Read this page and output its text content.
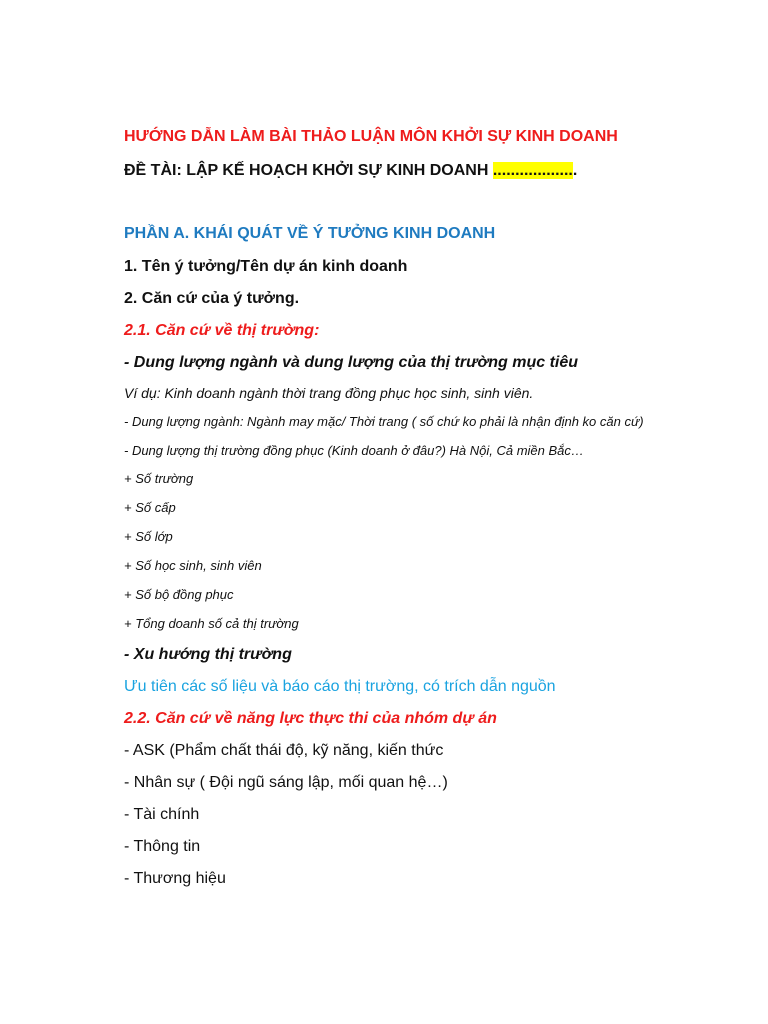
HƯỚNG DẪN LÀM BÀI THẢO LUẬN MÔN KHỞI SỰ KINH DOANH
ĐỀ TÀI: LẬP KẾ HOẠCH KHỞI SỰ KINH DOANH ...................
PHẦN A. KHÁI QUÁT VỀ Ý TƯỞNG KINH DOANH
1. Tên ý tưởng/Tên dự án kinh doanh
2. Căn cứ của ý tưởng.
2.1. Căn cứ về thị trường:
- Dung lượng ngành và dung lượng của thị trường mục tiêu
Ví dụ: Kinh doanh ngành thời trang đồng phục học sinh, sinh viên.
- Dung lượng ngành: Ngành may mặc/ Thời trang ( số chứ ko phải là nhận định ko căn cứ)
- Dung lượng thị trường đồng phục (Kinh doanh ở đâu?) Hà Nội, Cả miền Bắc…
+ Số trường
+ Số cấp
+ Số lớp
+ Số học sinh, sinh viên
+ Số bộ đồng phục
+ Tổng doanh số cả thị trường
- Xu hướng thị trường
Ưu tiên các số liệu và báo cáo thị trường, có trích dẫn nguồn
2.2. Căn cứ về năng lực thực thi của nhóm dự án
- ASK (Phẩm chất thái độ, kỹ năng, kiến thức
- Nhân sự ( Đội ngũ sáng lập, mối quan hệ…)
- Tài chính
- Thông tin
- Thương hiệu
